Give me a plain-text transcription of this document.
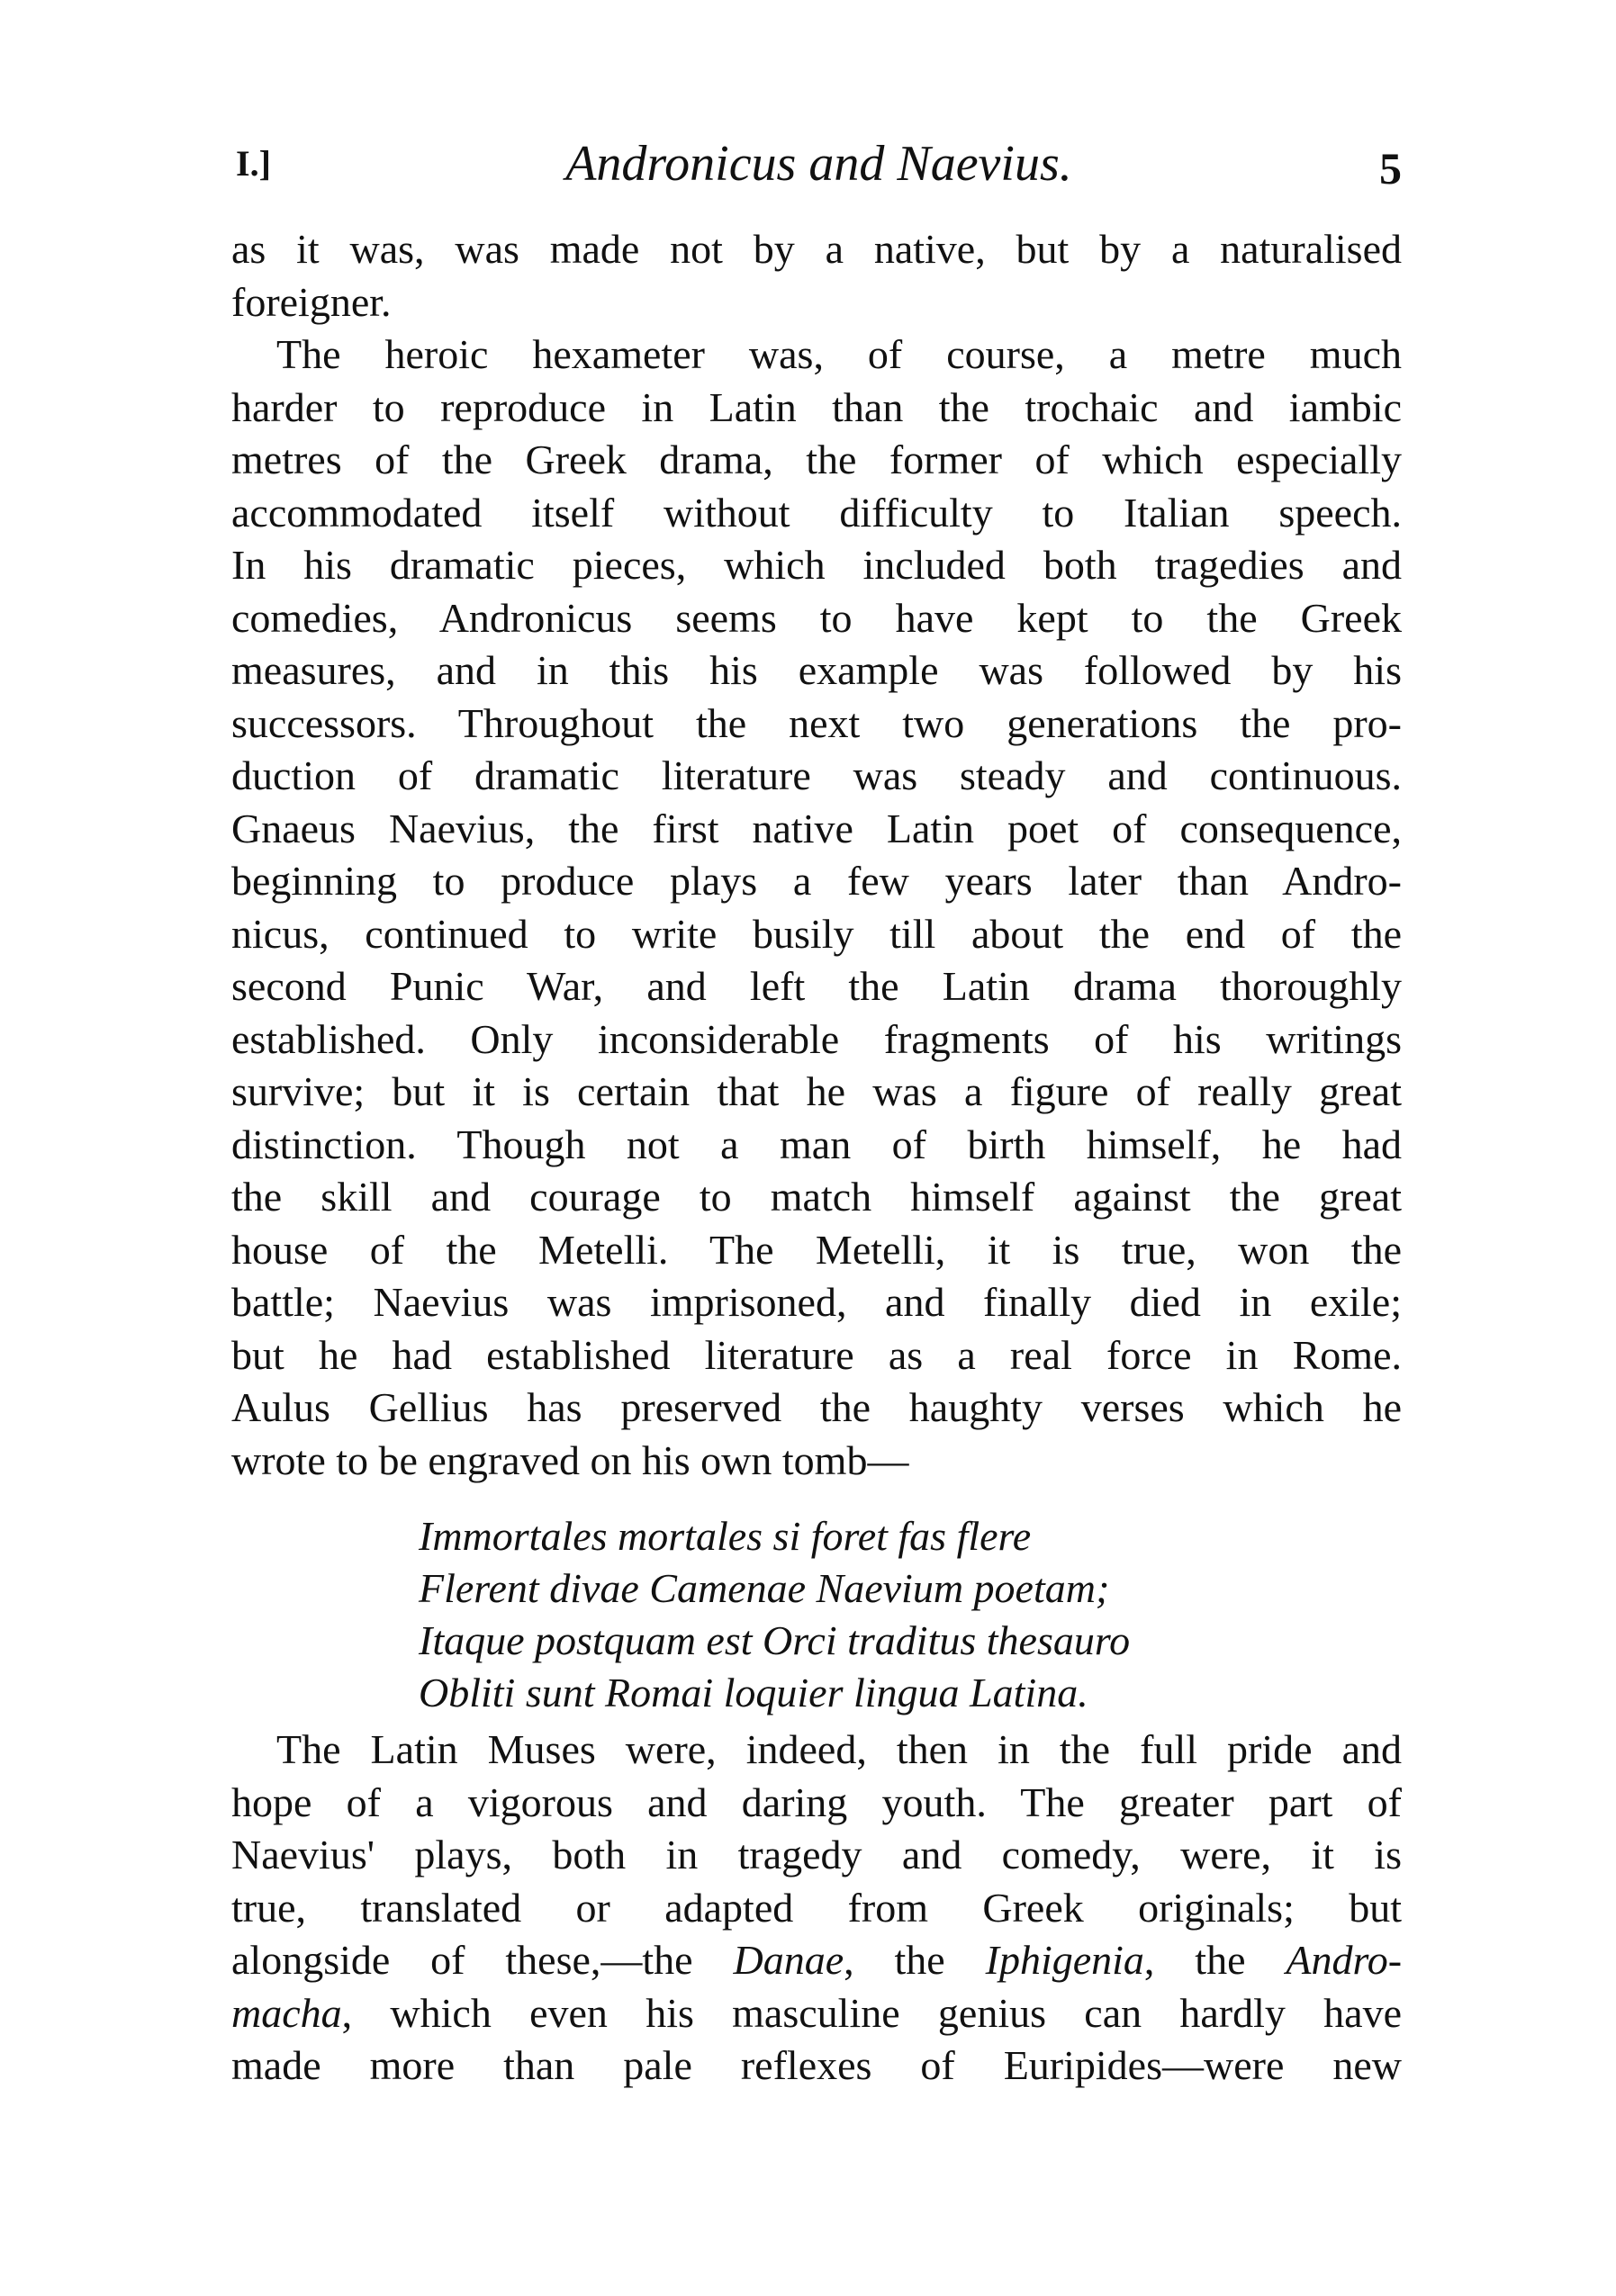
I.]	Andronicus and Naevius.	5
as it was, was made not by a native, but by a naturalised
foreigner.
The heroic hexameter was, of course, a metre much
harder to reproduce in Latin than the trochaic and iambic
metres of the Greek drama, the former of which especially
accommodated itself without difficulty to Italian speech.
In his dramatic pieces, which included both tragedies and
comedies, Andronicus seems to have kept to the Greek
measures, and in this his example was followed by his
successors. Throughout the next two generations the pro-
duction of dramatic literature was steady and continuous.
Gnaeus Naevius, the first native Latin poet of consequence,
beginning to produce plays a few years later than Andro-
nicus, continued to write busily till about the end of the
second Punic War, and left the Latin drama thoroughly
established. Only inconsiderable fragments of his writings
survive; but it is certain that he was a figure of really great
distinction. Though not a man of birth himself, he had
the skill and courage to match himself against the great
house of the Metelli. The Metelli, it is true, won the
battle; Naevius was imprisoned, and finally died in exile;
but he had established literature as a real force in Rome.
Aulus Gellius has preserved the haughty verses which he
wrote to be engraved on his own tomb—
Immortales mortales si foret fas flere
Flerent divae Camenae Naevium poetam;
Itaque postquam est Orci traditus thesauro
Obliti sunt Romai loquier lingua Latina.
The Latin Muses were, indeed, then in the full pride and
hope of a vigorous and daring youth. The greater part of
Naevius' plays, both in tragedy and comedy, were, it is
true, translated or adapted from Greek originals; but
alongside of these,—the Danae, the Iphigenia, the Andro-
macha, which even his masculine genius can hardly have
made more than pale reflexes of Euripides—were new
